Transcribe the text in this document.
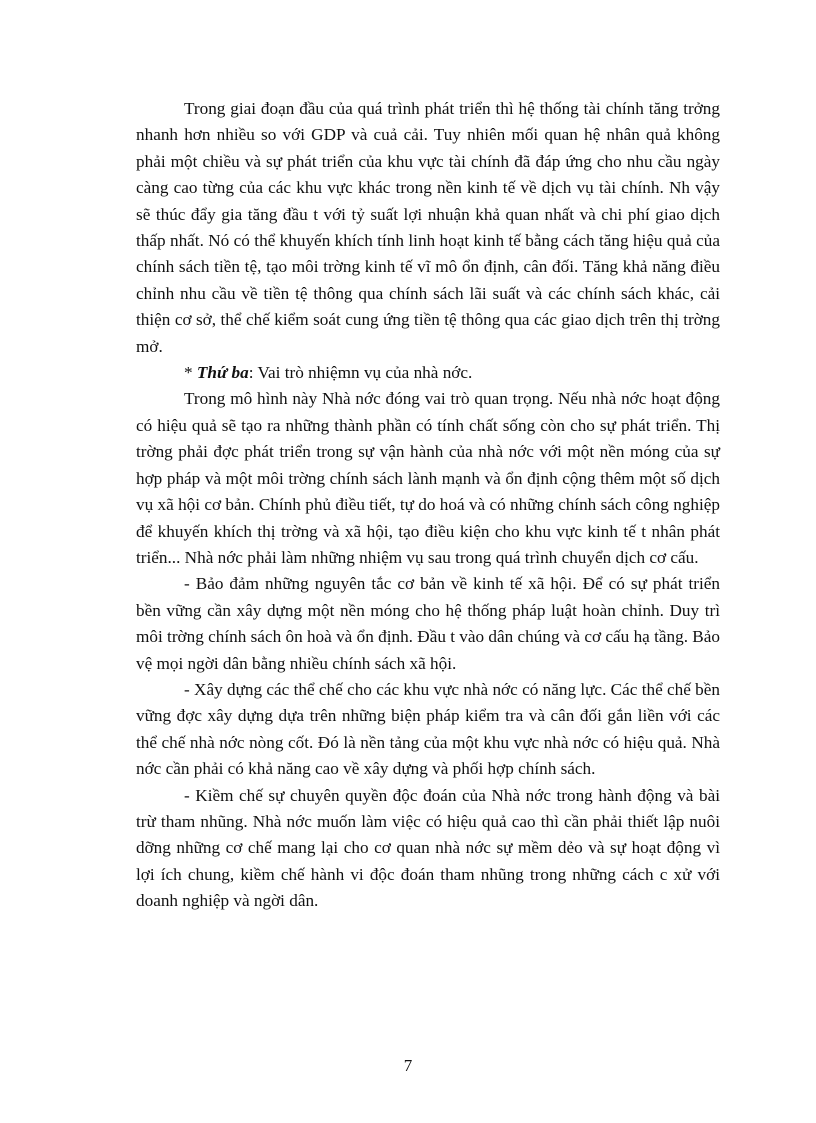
Trong giai đoạn đầu của quá trình phát triển thì hệ thống tài chính tăng trởng nhanh hơn nhiều so với GDP và cuả cải. Tuy nhiên mối quan hệ nhân quả không phải một chiều và sự phát triển của khu vực tài chính đã đáp ứng cho nhu cầu ngày càng cao từng của các khu vực khác trong nền kinh tế về dịch vụ tài chính. Nh vậy sẽ thúc đẩy gia tăng đầu t với tỷ suất lợi nhuận khả quan nhất và chi phí giao dịch thấp nhất. Nó có thể khuyến khích tính linh hoạt kinh tế bằng cách tăng hiệu quả của chính sách tiền tệ, tạo môi trờng kinh tế vĩ mô ổn định, cân đối. Tăng khả năng điều chỉnh nhu cầu về tiền tệ thông qua chính sách lãi suất và các chính sách khác, cải thiện cơ sở, thể chế kiểm soát cung ứng tiền tệ thông qua các giao dịch trên thị trờng mở.

* Thứ ba: Vai trò nhiệmn vụ của nhà nớc.

Trong mô hình này Nhà nớc đóng vai trò quan trọng. Nếu nhà nớc hoạt động có hiệu quả sẽ tạo ra những thành phần có tính chất sống còn cho sự phát triển. Thị trờng phải đợc phát triển trong sự vận hành của nhà nớc với một nền móng của sự hợp pháp và một môi trờng chính sách lành mạnh và ổn định cộng thêm một số dịch vụ xã hội cơ bản. Chính phủ điều tiết, tự do hoá và có những chính sách công nghiệp để khuyến khích thị trờng và xã hội, tạo điều kiện cho khu vực kinh tế t nhân phát triển... Nhà nớc phải làm những nhiệm vụ sau trong quá trình chuyển dịch cơ cấu.

- Bảo đảm những nguyên tắc cơ bản về kinh tế xã hội. Để có sự phát triển bền vững cần xây dựng một nền móng cho hệ thống pháp luật hoàn chỉnh. Duy trì môi trờng chính sách ôn hoà và ổn định. Đầu t vào dân chúng và cơ cấu hạ tầng. Bảo vệ mọi ngời dân bằng nhiều chính sách xã hội.

- Xây dựng các thể chế cho các khu vực nhà nớc có năng lực. Các thể chế bền vững đợc xây dựng dựa trên những biện pháp kiểm tra và cân đối gắn liền với các thể chế nhà nớc nòng cốt. Đó là nền tảng của một khu vực nhà nớc có hiệu quả. Nhà nớc cần phải có khả năng cao về xây dựng và phối hợp chính sách.

- Kiềm chế sự chuyên quyền độc đoán của Nhà nớc trong hành động và bài trừ tham nhũng. Nhà nớc muốn làm việc có hiệu quả cao thì cần phải thiết lập nuôi dỡng những cơ chế mang lại cho cơ quan nhà nớc sự mềm dẻo và sự hoạt động vì lợi ích chung, kiềm chế hành vi độc đoán tham nhũng trong những cách c xử với doanh nghiệp và ngời dân.

7
